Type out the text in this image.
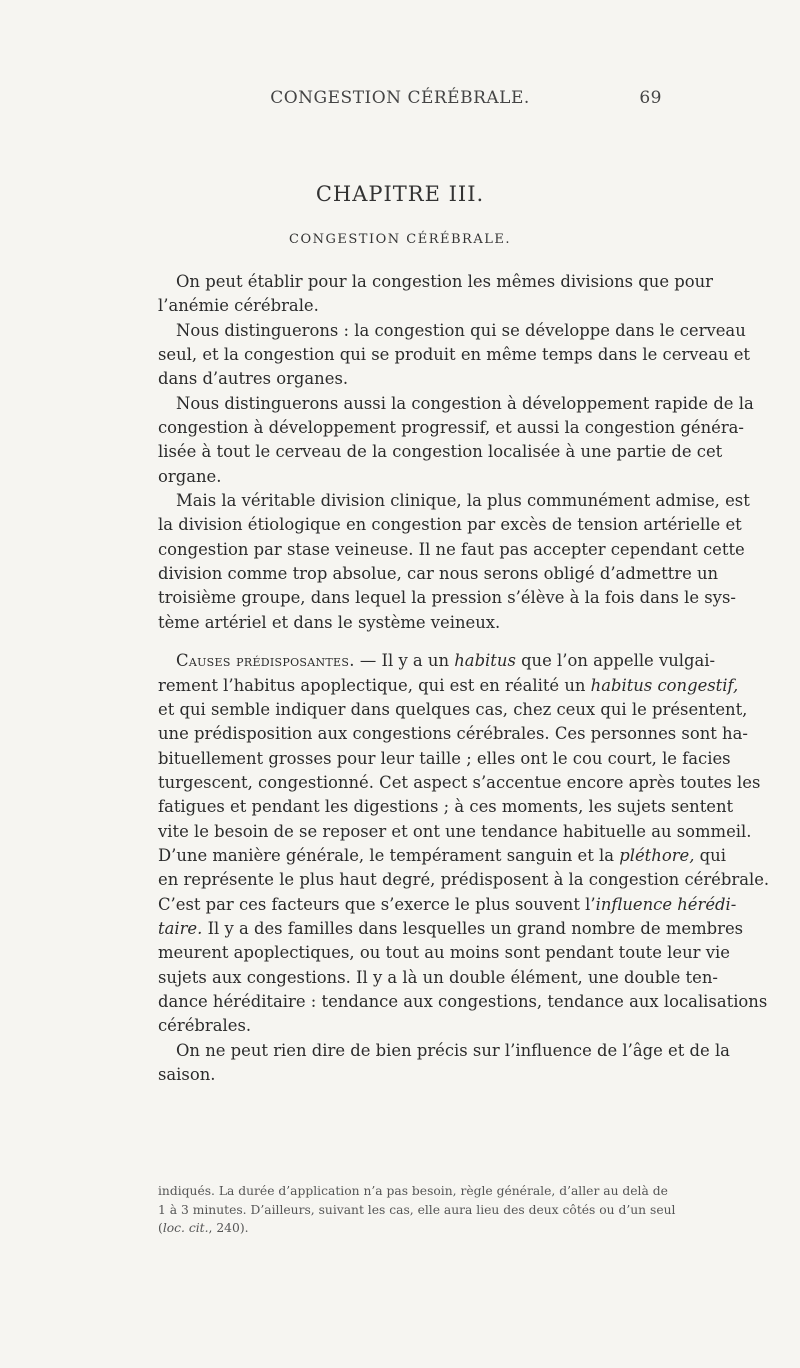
CONGESTION CÉRÉBRALE.	69
CHAPITRE III.
CONGESTION CÉRÉBRALE.
On peut établir pour la congestion les mêmes divisions que pour
l’anémie cérébrale.
Nous distinguerons : la congestion qui se développe dans le cerveau
seul, et la congestion qui se produit en même temps dans le cerveau et
dans d’autres organes.
Nous distinguerons aussi la congestion à développement rapide de la
congestion à développement progressif, et aussi la congestion généra-
lisée à tout le cerveau de la congestion localisée à une partie de cet
organe.
Mais la véritable division clinique, la plus communément admise, est
la division étiologique en congestion par excès de tension artérielle et
congestion par stase veineuse. Il ne faut pas accepter cependant cette
division comme trop absolue, car nous serons obligé d’admettre un
troisième groupe, dans lequel la pression s’élève à la fois dans le sys-
tème artériel et dans le système veineux.
Causes prédisposantes. — Il y a un habitus que l’on appelle vulgai-
rement l’habitus apoplectique, qui est en réalité un habitus congestif,
et qui semble indiquer dans quelques cas, chez ceux qui le présentent,
une prédisposition aux congestions cérébrales. Ces personnes sont ha-
bituellement grosses pour leur taille ; elles ont le cou court, le facies
turgescent, congestionné. Cet aspect s’accentue encore après toutes les
fatigues et pendant les digestions ; à ces moments, les sujets sentent
vite le besoin de se reposer et ont une tendance habituelle au sommeil.
D’une manière générale, le tempérament sanguin et la pléthore, qui
en représente le plus haut degré, prédisposent à la congestion cérébrale.
C’est par ces facteurs que s’exerce le plus souvent l’influence hérédi-
taire. Il y a des familles dans lesquelles un grand nombre de membres
meurent apoplectiques, ou tout au moins sont pendant toute leur vie
sujets aux congestions. Il y a là un double élément, une double ten-
dance héréditaire : tendance aux congestions, tendance aux localisations
cérébrales.
On ne peut rien dire de bien précis sur l’influence de l’âge et de la
saison.
indiqués. La durée d’application n’a pas besoin, règle générale, d’aller au delà de
1 à 3 minutes. D’ailleurs, suivant les cas, elle aura lieu des deux côtés ou d’un seul
(loc. cit., 240).
